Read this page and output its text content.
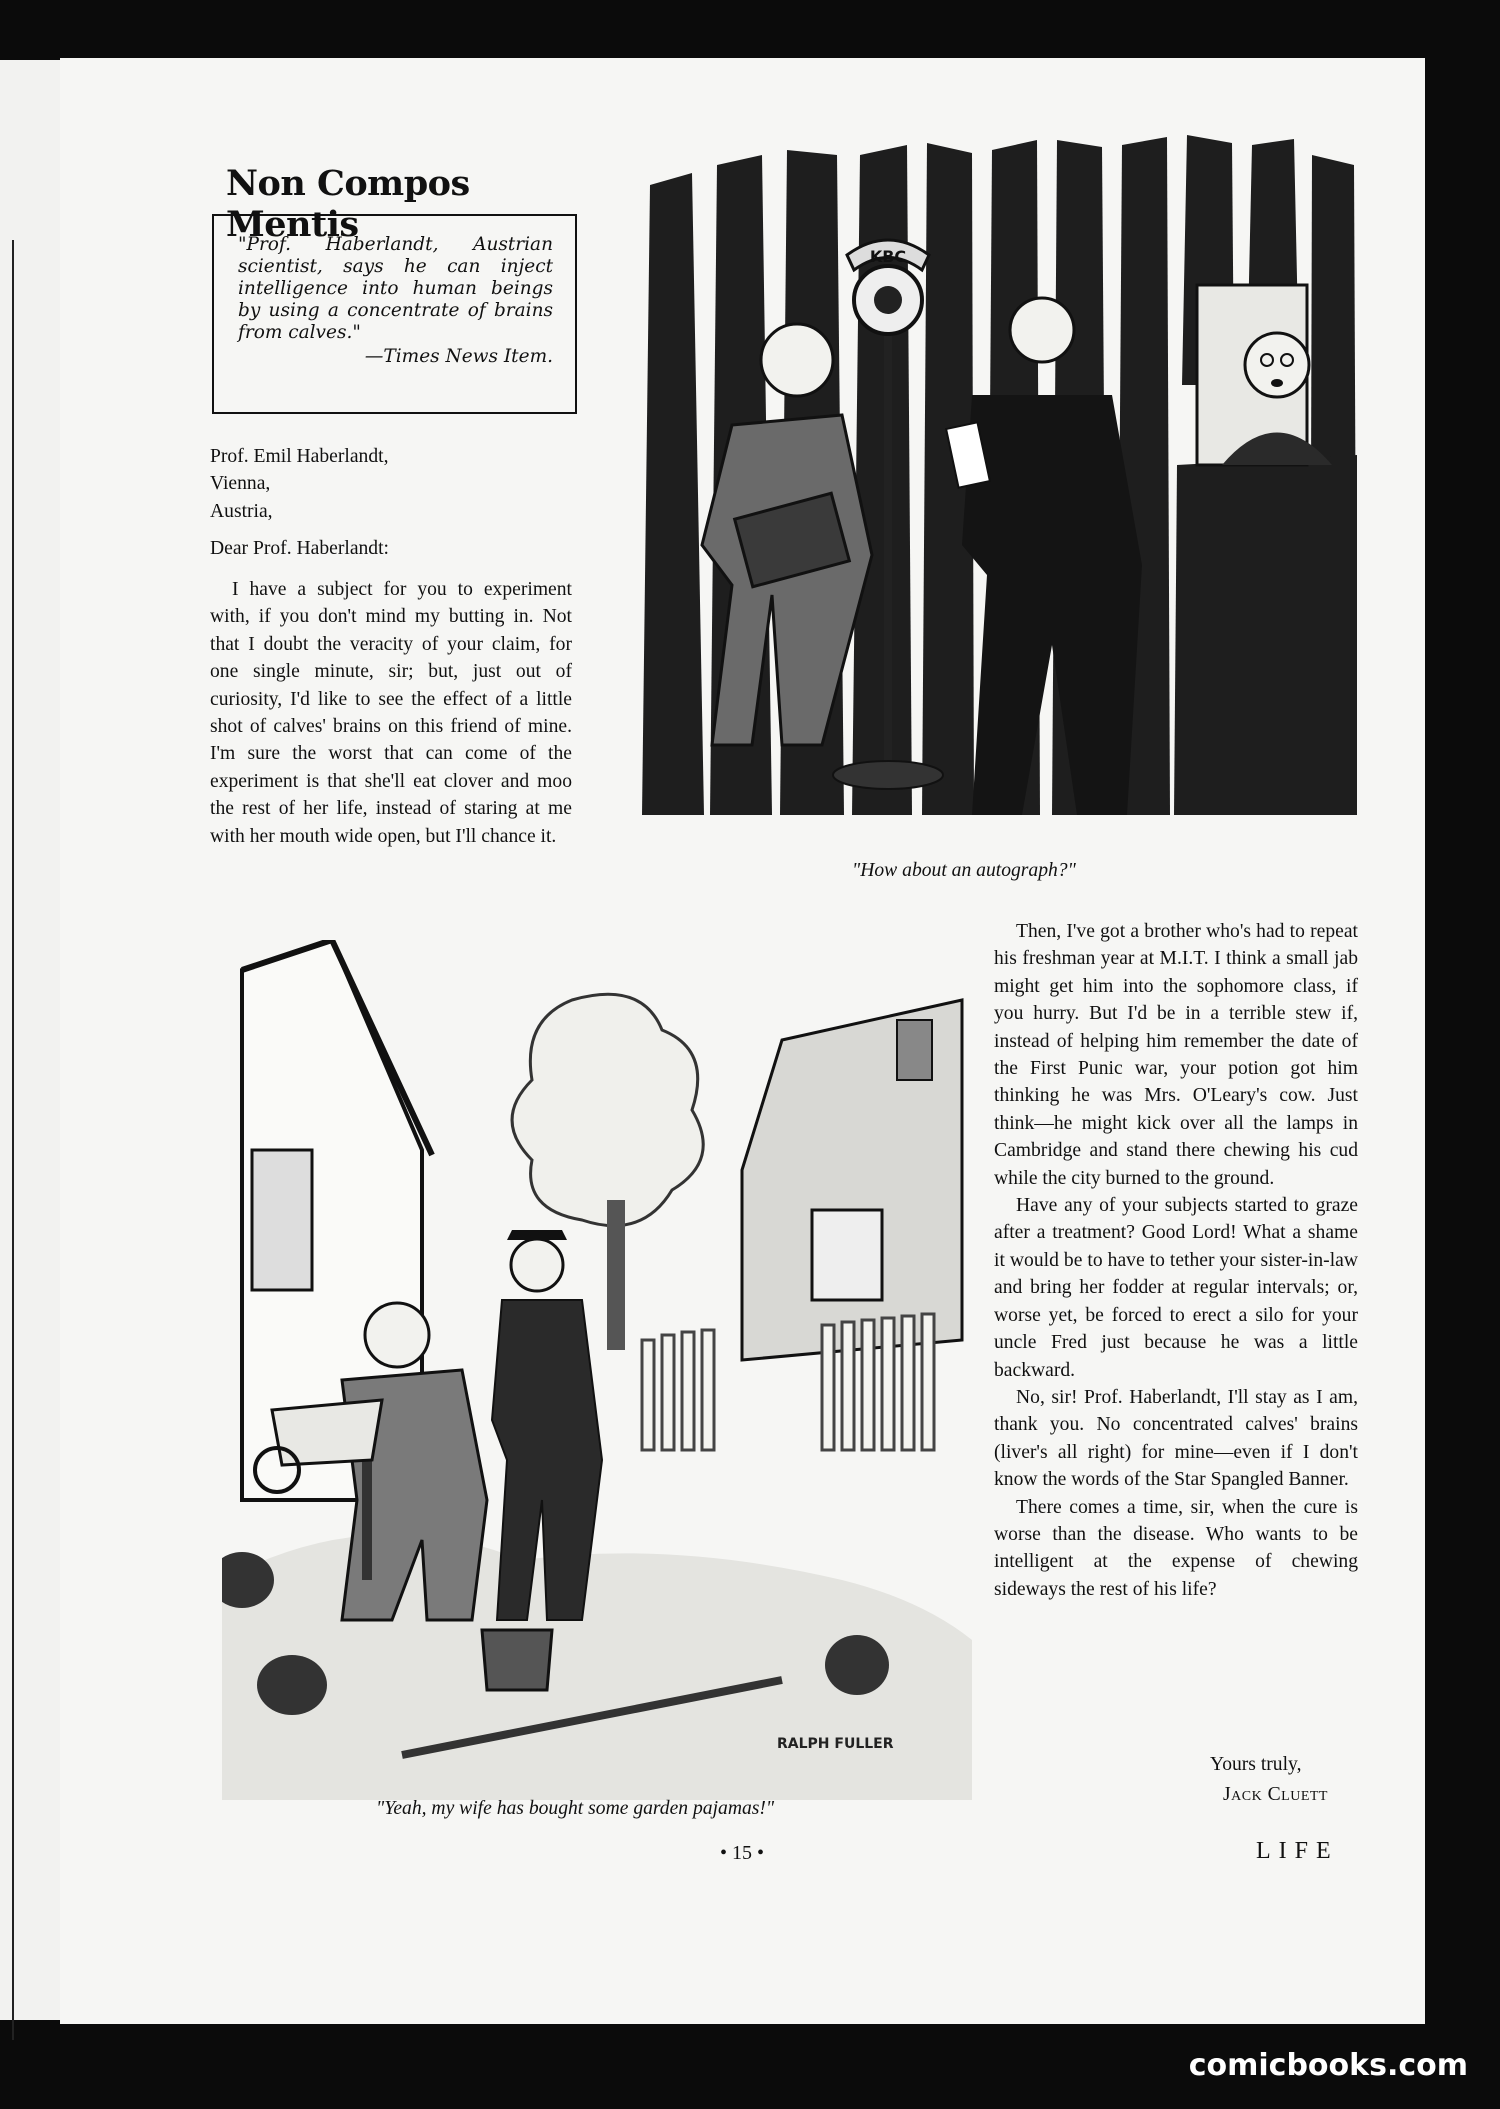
Non Compos Mentis
"Prof. Haberlandt, Austrian scientist, says he can inject intelligence into human beings by using a concentrate of brains from calves."
—Times News Item.
Prof. Emil Haberlandt,
Vienna,
Austria,
Dear Prof. Haberlandt:

I have a subject for you to experiment with, if you don't mind my butting in. Not that I doubt the veracity of your claim, for one single minute, sir; but, just out of curiosity, I'd like to see the effect of a little shot of calves' brains on this friend of mine. I'm sure the worst that can come of the experiment is that she'll eat clover and moo the rest of her life, instead of staring at me with her mouth wide open, but I'll chance it.

Then, I've got a brother who's had to repeat his freshman year at M.I.T. I think a small jab might get him into the sophomore class, if you hurry. But I'd be in a terrible stew if, instead of helping him remember the date of the First Punic war, your potion got him thinking he was Mrs. O'Leary's cow. Just think—he might kick over all the lamps in Cambridge and stand there chewing his cud while the city burned to the ground.

Have any of your subjects started to graze after a treatment? Good Lord! What a shame it would be to have to tether your sister-in-law and bring her fodder at regular intervals; or, worse yet, be forced to erect a silo for your uncle Fred just because he was a little backward.

No, sir! Prof. Haberlandt, I'll stay as I am, thank you. No concentrated calves' brains (liver's all right) for mine—even if I don't know the words of the Star Spangled Banner.

There comes a time, sir, when the cure is worse than the disease. Who wants to be intelligent at the expense of chewing sideways the rest of his life?

Yours truly,
Jack Cluett
KBC
"How about an autograph?"
RALPH FULLER
"Yeah, my wife has bought some garden pajamas!"
• 15 •	LIFE
comicbooks.com
